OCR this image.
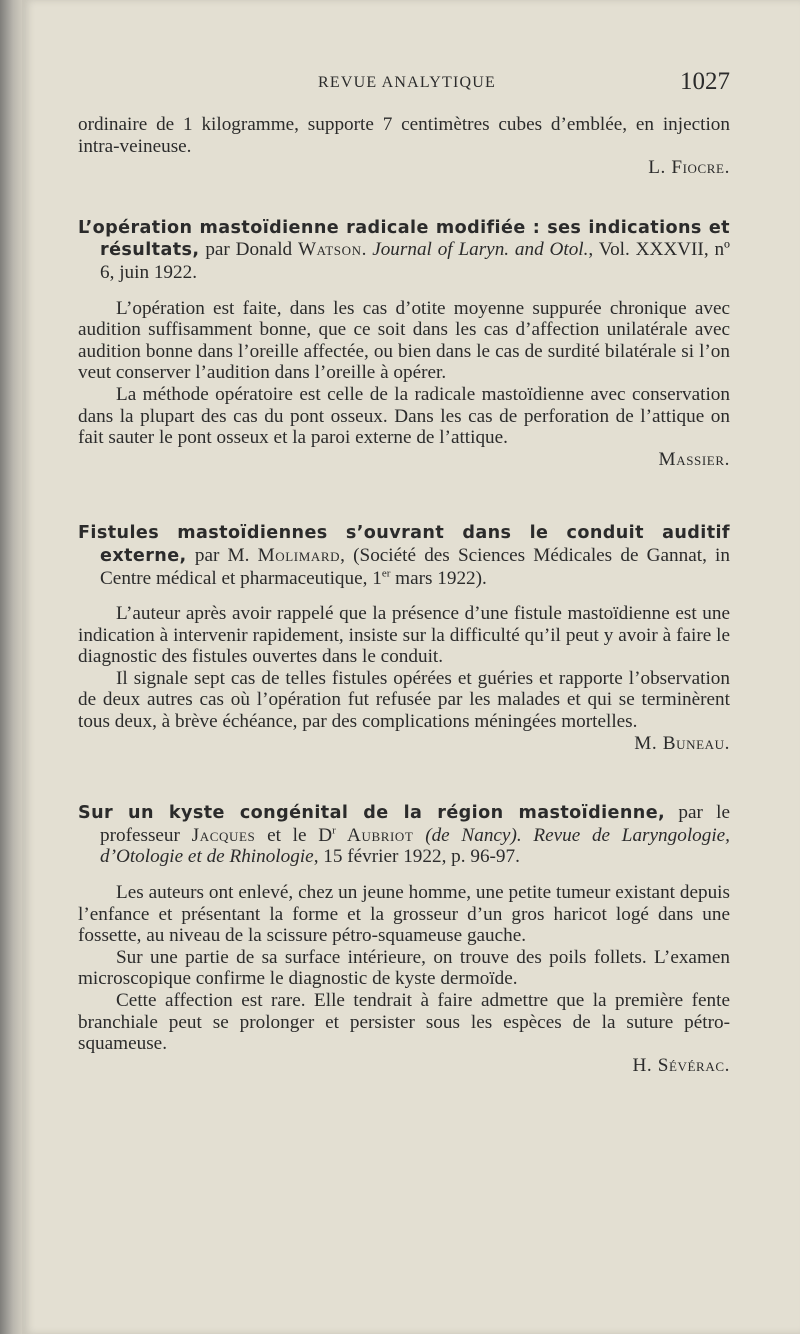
REVUE ANALYTIQUE	1027

ordinaire de 1 kilogramme, supporte 7 centimètres cubes d’emblée, en injection intra-veineuse.

L. Fiocre.

L’opération mastoïdienne radicale modifiée : ses indications et résultats, par Donald Watson. Journal of Laryn. and Otol., Vol. XXXVII, nº 6, juin 1922.

L’opération est faite, dans les cas d’otite moyenne suppurée chronique avec audition suffisamment bonne, que ce soit dans les cas d’affection unilatérale avec audition bonne dans l’oreille affectée, ou bien dans le cas de surdité bilatérale si l’on veut conserver l’audition dans l’oreille à opérer.

La méthode opératoire est celle de la radicale mastoïdienne avec conservation dans la plupart des cas du pont osseux. Dans les cas de perforation de l’attique on fait sauter le pont osseux et la paroi externe de l’attique.

Massier.

Fistules mastoïdiennes s’ouvrant dans le conduit auditif externe, par M. Molimard, (Société des Sciences Médicales de Gannat, in Centre médical et pharmaceutique, 1er mars 1922).

L’auteur après avoir rappelé que la présence d’une fistule mastoïdienne est une indication à intervenir rapidement, insiste sur la difficulté qu’il peut y avoir à faire le diagnostic des fistules ouvertes dans le conduit.

Il signale sept cas de telles fistules opérées et guéries et rapporte l’observation de deux autres cas où l’opération fut refusée par les malades et qui se terminèrent tous deux, à brève échéance, par des complications méningées mortelles.

M. Buneau.

Sur un kyste congénital de la région mastoïdienne, par le professeur Jacques et le $D^r$ Aubriot (de Nancy). Revue de Laryngologie, d’Otologie et de Rhinologie, 15 février 1922, p. 96-97.

Les auteurs ont enlevé, chez un jeune homme, une petite tumeur existant depuis l’enfance et présentant la forme et la grosseur d’un gros haricot logé dans une fossette, au niveau de la scissure pétro-squameuse gauche.

Sur une partie de sa surface intérieure, on trouve des poils follets. L’examen microscopique confirme le diagnostic de kyste dermoïde.

Cette affection est rare. Elle tendrait à faire admettre que la première fente branchiale peut se prolonger et persister sous les espèces de la suture pétro-squameuse.

H. Sévérac.
